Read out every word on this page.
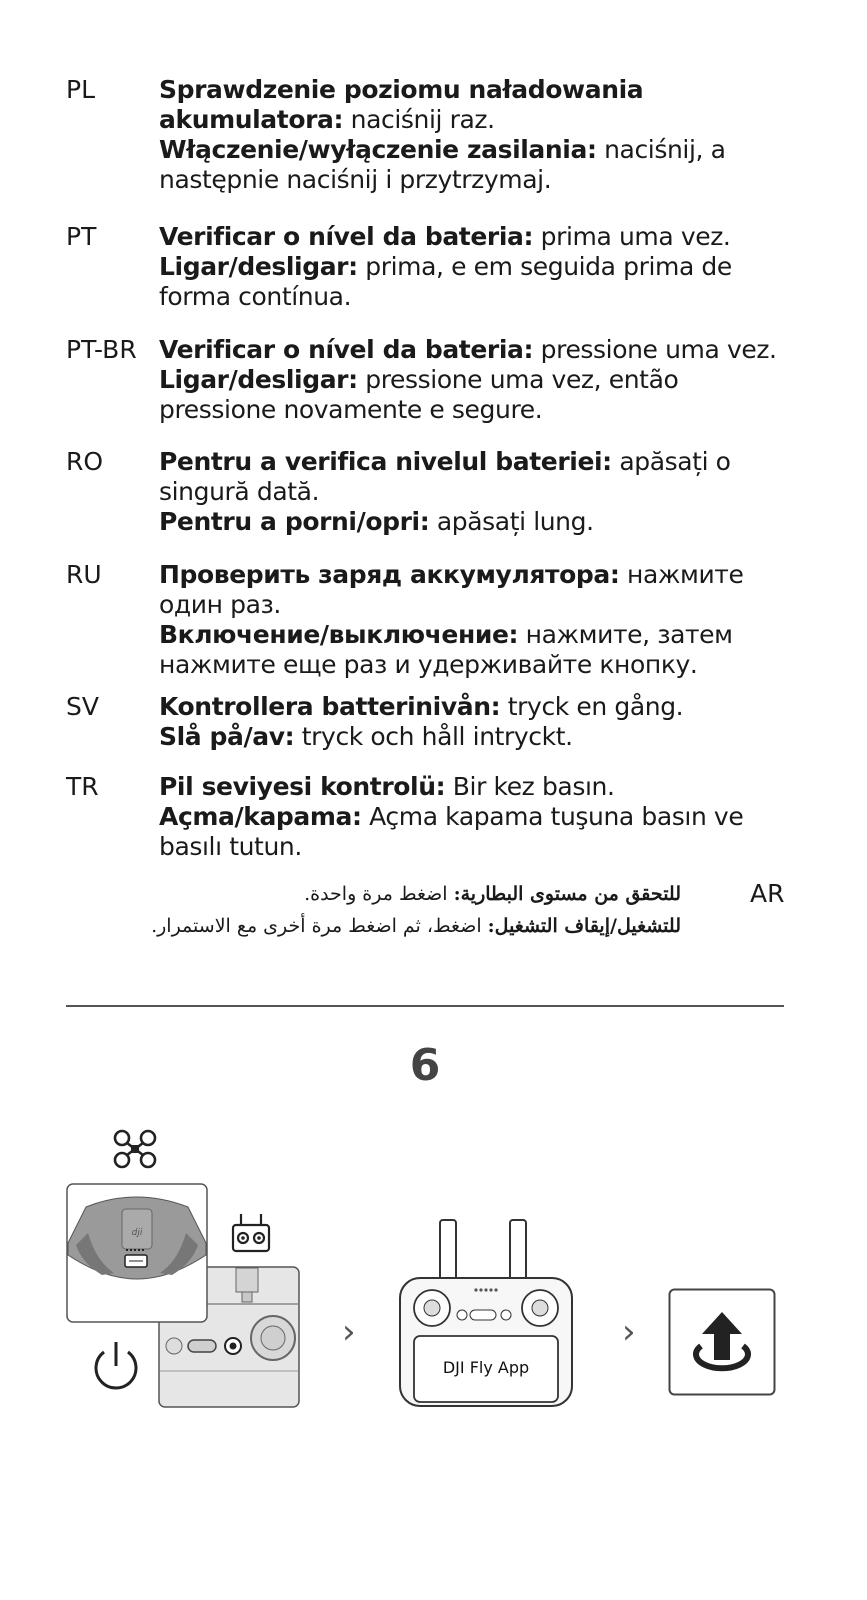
PL	Sprawdzenie poziomu naładowania
akumulatora: naciśnij raz.
Włączenie/wyłączenie zasilania: naciśnij, a
następnie naciśnij i przytrzymaj.
PT	Verificar o nível da bateria: prima uma vez.
Ligar/desligar: prima, e em seguida prima de
forma contínua.
PT-BR Verificar o nível da bateria: pressione uma vez.
Ligar/desligar: pressione uma vez, então
pressione novamente e segure.
RO Pentru a verifica nivelul bateriei: apăsați o
singură dată.
Pentru a porni/opri: apăsați lung.
RU Проверить заряд аккумулятора: нажмите
один раз.
Включение/выключение: нажмите, затем
нажмите еще раз и удерживайте кнопку.
SV Kontrollera batterinivån: tryck en gång.
Slå på/av: tryck och håll intryckt.
TR Pil seviyesi kontrolü: Bir kez basın.
Açma/kapama: Açma kapama tuşuna basın ve
basılı tutun.
AR
للتحقق من مستوى البطارية: اضغط مرة واحدة.
للتشغيل/إيقاف التشغيل: اضغط، ثم اضغط مرة أخرى مع الاستمرار.
6
dji
›	›
DJI Fly App
